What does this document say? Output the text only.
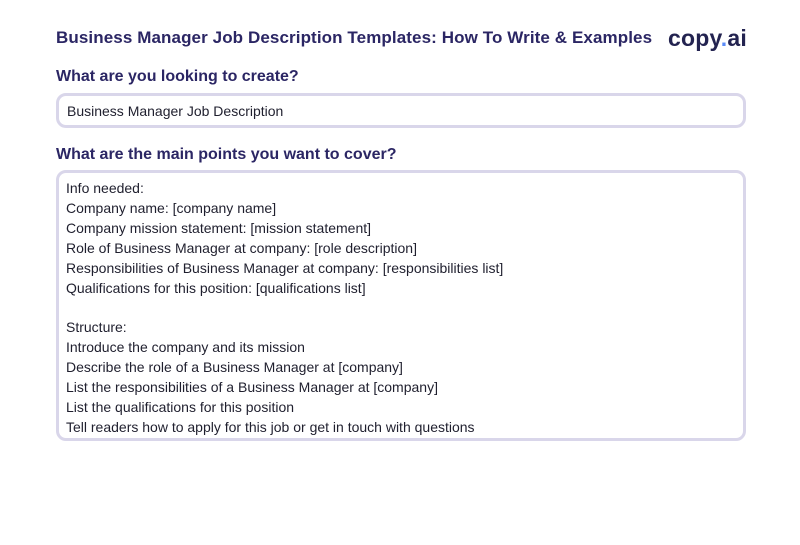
Business Manager Job Description Templates: How To Write & Examples copy.ai
What are you looking to create?
Business Manager Job Description
What are the main points you want to cover?
Info needed:
Company name: [company name]
Company mission statement: [mission statement]
Role of Business Manager at company: [role description]
Responsibilities of Business Manager at company: [responsibilities list]
Qualifications for this position: [qualifications list]
Structure:
Introduce the company and its mission
Describe the role of a Business Manager at [company]
List the responsibilities of a Business Manager at [company]
List the qualifications for this position
Tell readers how to apply for this job or get in touch with questions
